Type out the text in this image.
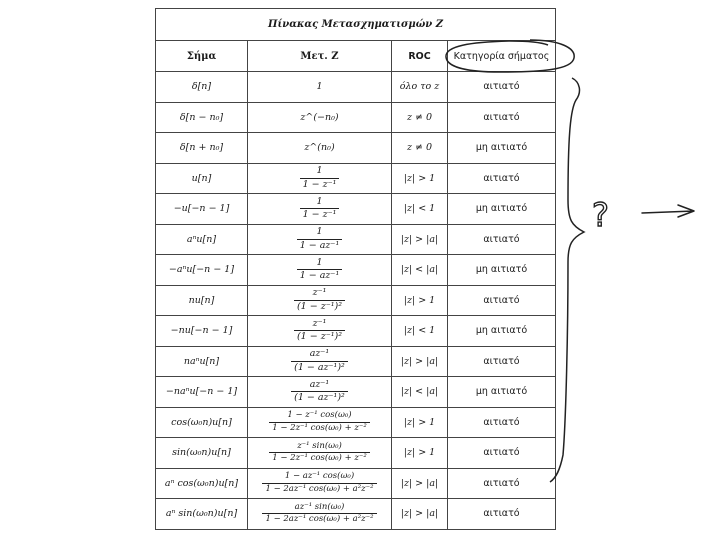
Πίνακας Μετασχηματισμών Z			
Σήμα	Μετ. Z	ROC	Κατηγορία σήματος
δ[n]	1	όλο το z	αιτιατό
δ[n − n₀]	z^(−n₀)	z ≠ 0	αιτιατό
δ[n + n₀]	z^(n₀)	z ≠ 0	μη αιτιατό
u[n]	$\frac{1}{\text{1 − z⁻¹}}$	|z| > 1	αιτιατό
−u[−n − 1]	$\frac{1}{\text{1 − z⁻¹}}$	|z| < 1	μη αιτιατό
aⁿu[n]	$\frac{1}{\text{1 − az⁻¹}}$	|z| > |a|	αιτιατό
−aⁿu[−n − 1]	$\frac{1}{\text{1 − az⁻¹}}$	|z| < |a|	μη αιτιατό
nu[n]	$\frac{\text{z⁻¹}}{\text{(1 − z⁻¹)²}}$	|z| > 1	αιτιατό
−nu[−n − 1]	$\frac{\text{z⁻¹}}{\text{(1 − z⁻¹)²}}$	|z| < 1	μη αιτιατό
naⁿu[n]	$\frac{\text{az⁻¹}}{\text{(1 − az⁻¹)²}}$	|z| > |a|	αιτιατό
−naⁿu[−n − 1]	$\frac{\text{az⁻¹}}{\text{(1 − az⁻¹)²}}$	|z| < |a|	μη αιτιατό
cos(ω₀n)u[n]	$\frac{\text{1 − z⁻¹ cos(ω₀)}}{\text{1 − 2z⁻¹ cos(ω₀) + z⁻²}}$	|z| > 1	αιτιατό
sin(ω₀n)u[n]	$\frac{\text{z⁻¹ sin(ω₀)}}{\text{1 − 2z⁻¹ cos(ω₀) + z⁻²}}$	|z| > 1	αιτιατό
aⁿ cos(ω₀n)u[n]	$\frac{\text{1 − az⁻¹ cos(ω₀)}}{\text{1 − 2az⁻¹ cos(ω₀) + a²z⁻²}}$	|z| > |a|	αιτιατό
aⁿ sin(ω₀n)u[n]	$\frac{\text{az⁻¹ sin(ω₀)}}{\text{1 − 2az⁻¹ cos(ω₀) + a²z⁻²}}$	|z| > |a|	αιτιατό
?
